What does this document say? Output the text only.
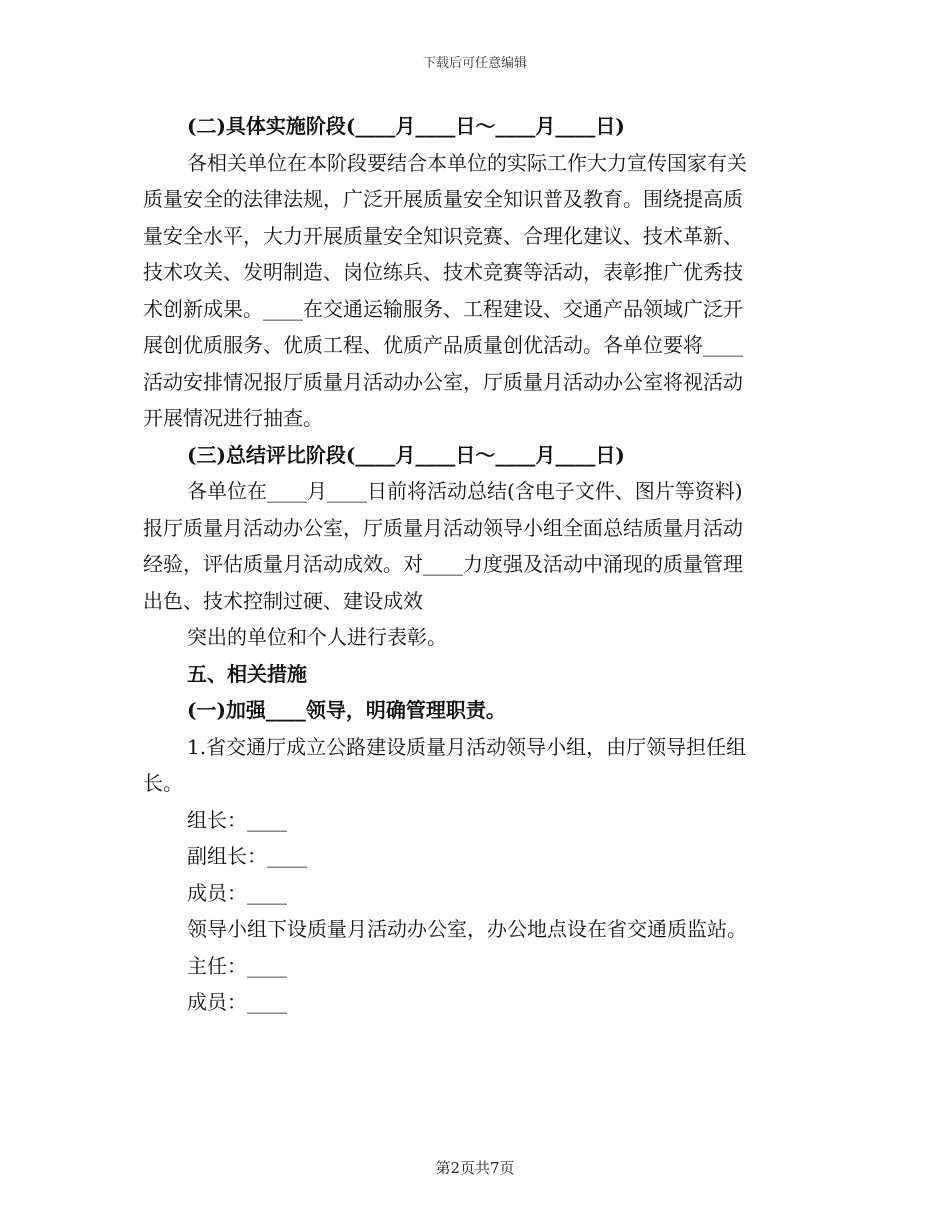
下载后可任意编辑
(二)具体实施阶段(____月____日～____月____日)
各相关单位在本阶段要结合本单位的实际工作大力宣传国家有关
质量安全的法律法规，广泛开展质量安全知识普及教育。围绕提高质
量安全水平，大力开展质量安全知识竞赛、合理化建议、技术革新、
技术攻关、发明制造、岗位练兵、技术竞赛等活动，表彰推广优秀技
术创新成果。____在交通运输服务、工程建设、交通产品领域广泛开
展创优质服务、优质工程、优质产品质量创优活动。各单位要将____
活动安排情况报厅质量月活动办公室，厅质量月活动办公室将视活动
开展情况进行抽查。
(三)总结评比阶段(____月____日～____月____日)
各单位在____月____日前将活动总结(含电子文件、图片等资料)
报厅质量月活动办公室，厅质量月活动领导小组全面总结质量月活动
经验，评估质量月活动成效。对____力度强及活动中涌现的质量管理
出色、技术控制过硬、建设成效
突出的单位和个人进行表彰。
五、相关措施
(一)加强____领导，明确管理职责。
1.省交通厅成立公路建设质量月活动领导小组，由厅领导担任组
长。
组长：____
副组长：____
成员：____
领导小组下设质量月活动办公室，办公地点设在省交通质监站。
主任：____
成员：____
第2页共7页
